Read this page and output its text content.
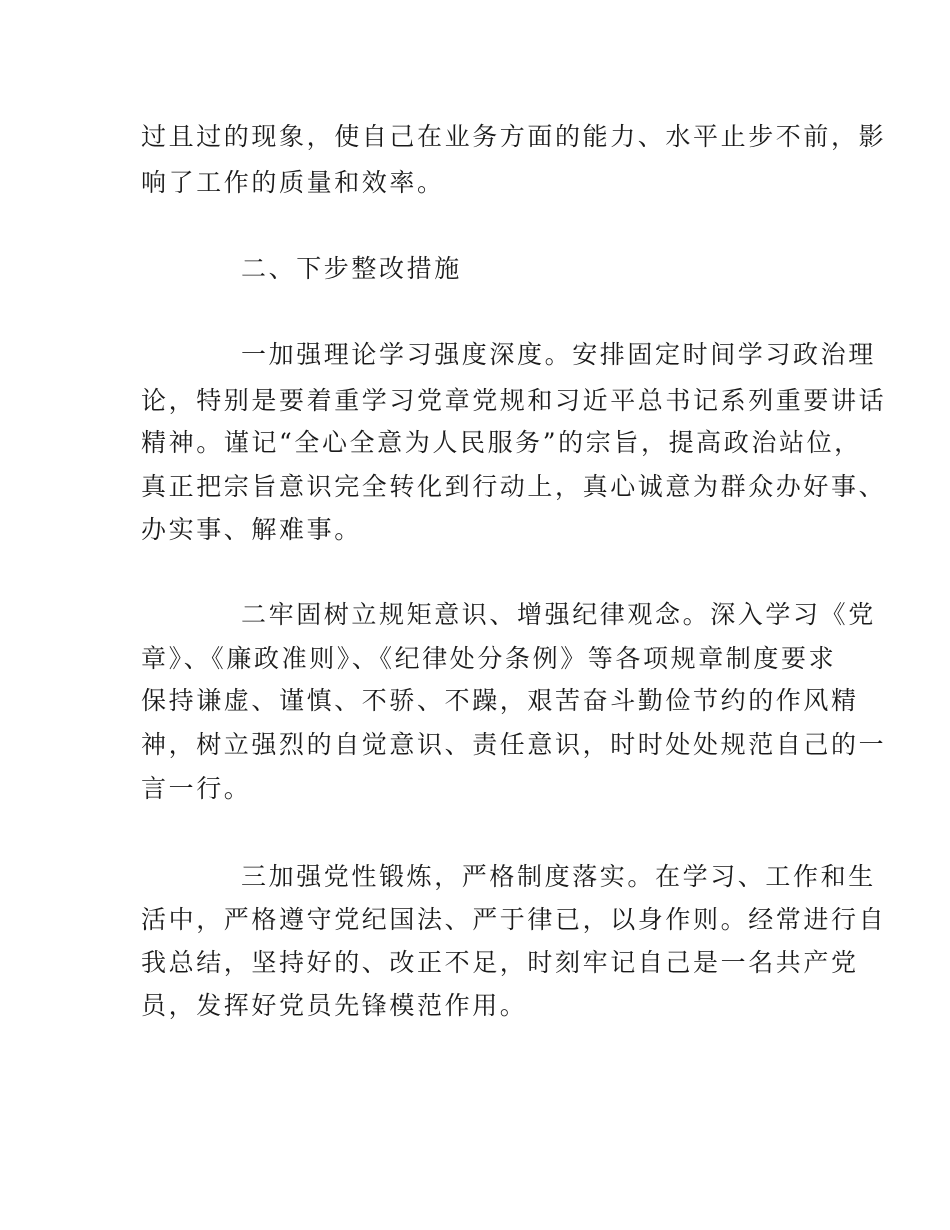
过且过的现象，使自己在业务方面的能力、水平止步不前，影
响了工作的质量和效率。
二、下步整改措施
一加强理论学习强度深度。安排固定时间学习政治理
论，特别是要着重学习党章党规和习近平总书记系列重要讲话
精神。谨记“全心全意为人民服务”的宗旨，提高政治站位，
真正把宗旨意识完全转化到行动上，真心诚意为群众办好事、
办实事、解难事。
二牢固树立规矩意识、增强纪律观念。深入学习《党
章》、《廉政准则》、《纪律处分条例》等各项规章制度要求
保持谦虚、谨慎、不骄、不躁，艰苦奋斗勤俭节约的作风精
神，树立强烈的自觉意识、责任意识，时时处处规范自己的一
言一行。
三加强党性锻炼，严格制度落实。在学习、工作和生
活中，严格遵守党纪国法、严于律已，以身作则。经常进行自
我总结，坚持好的、改正不足，时刻牢记自己是一名共产党
员，发挥好党员先锋模范作用。
